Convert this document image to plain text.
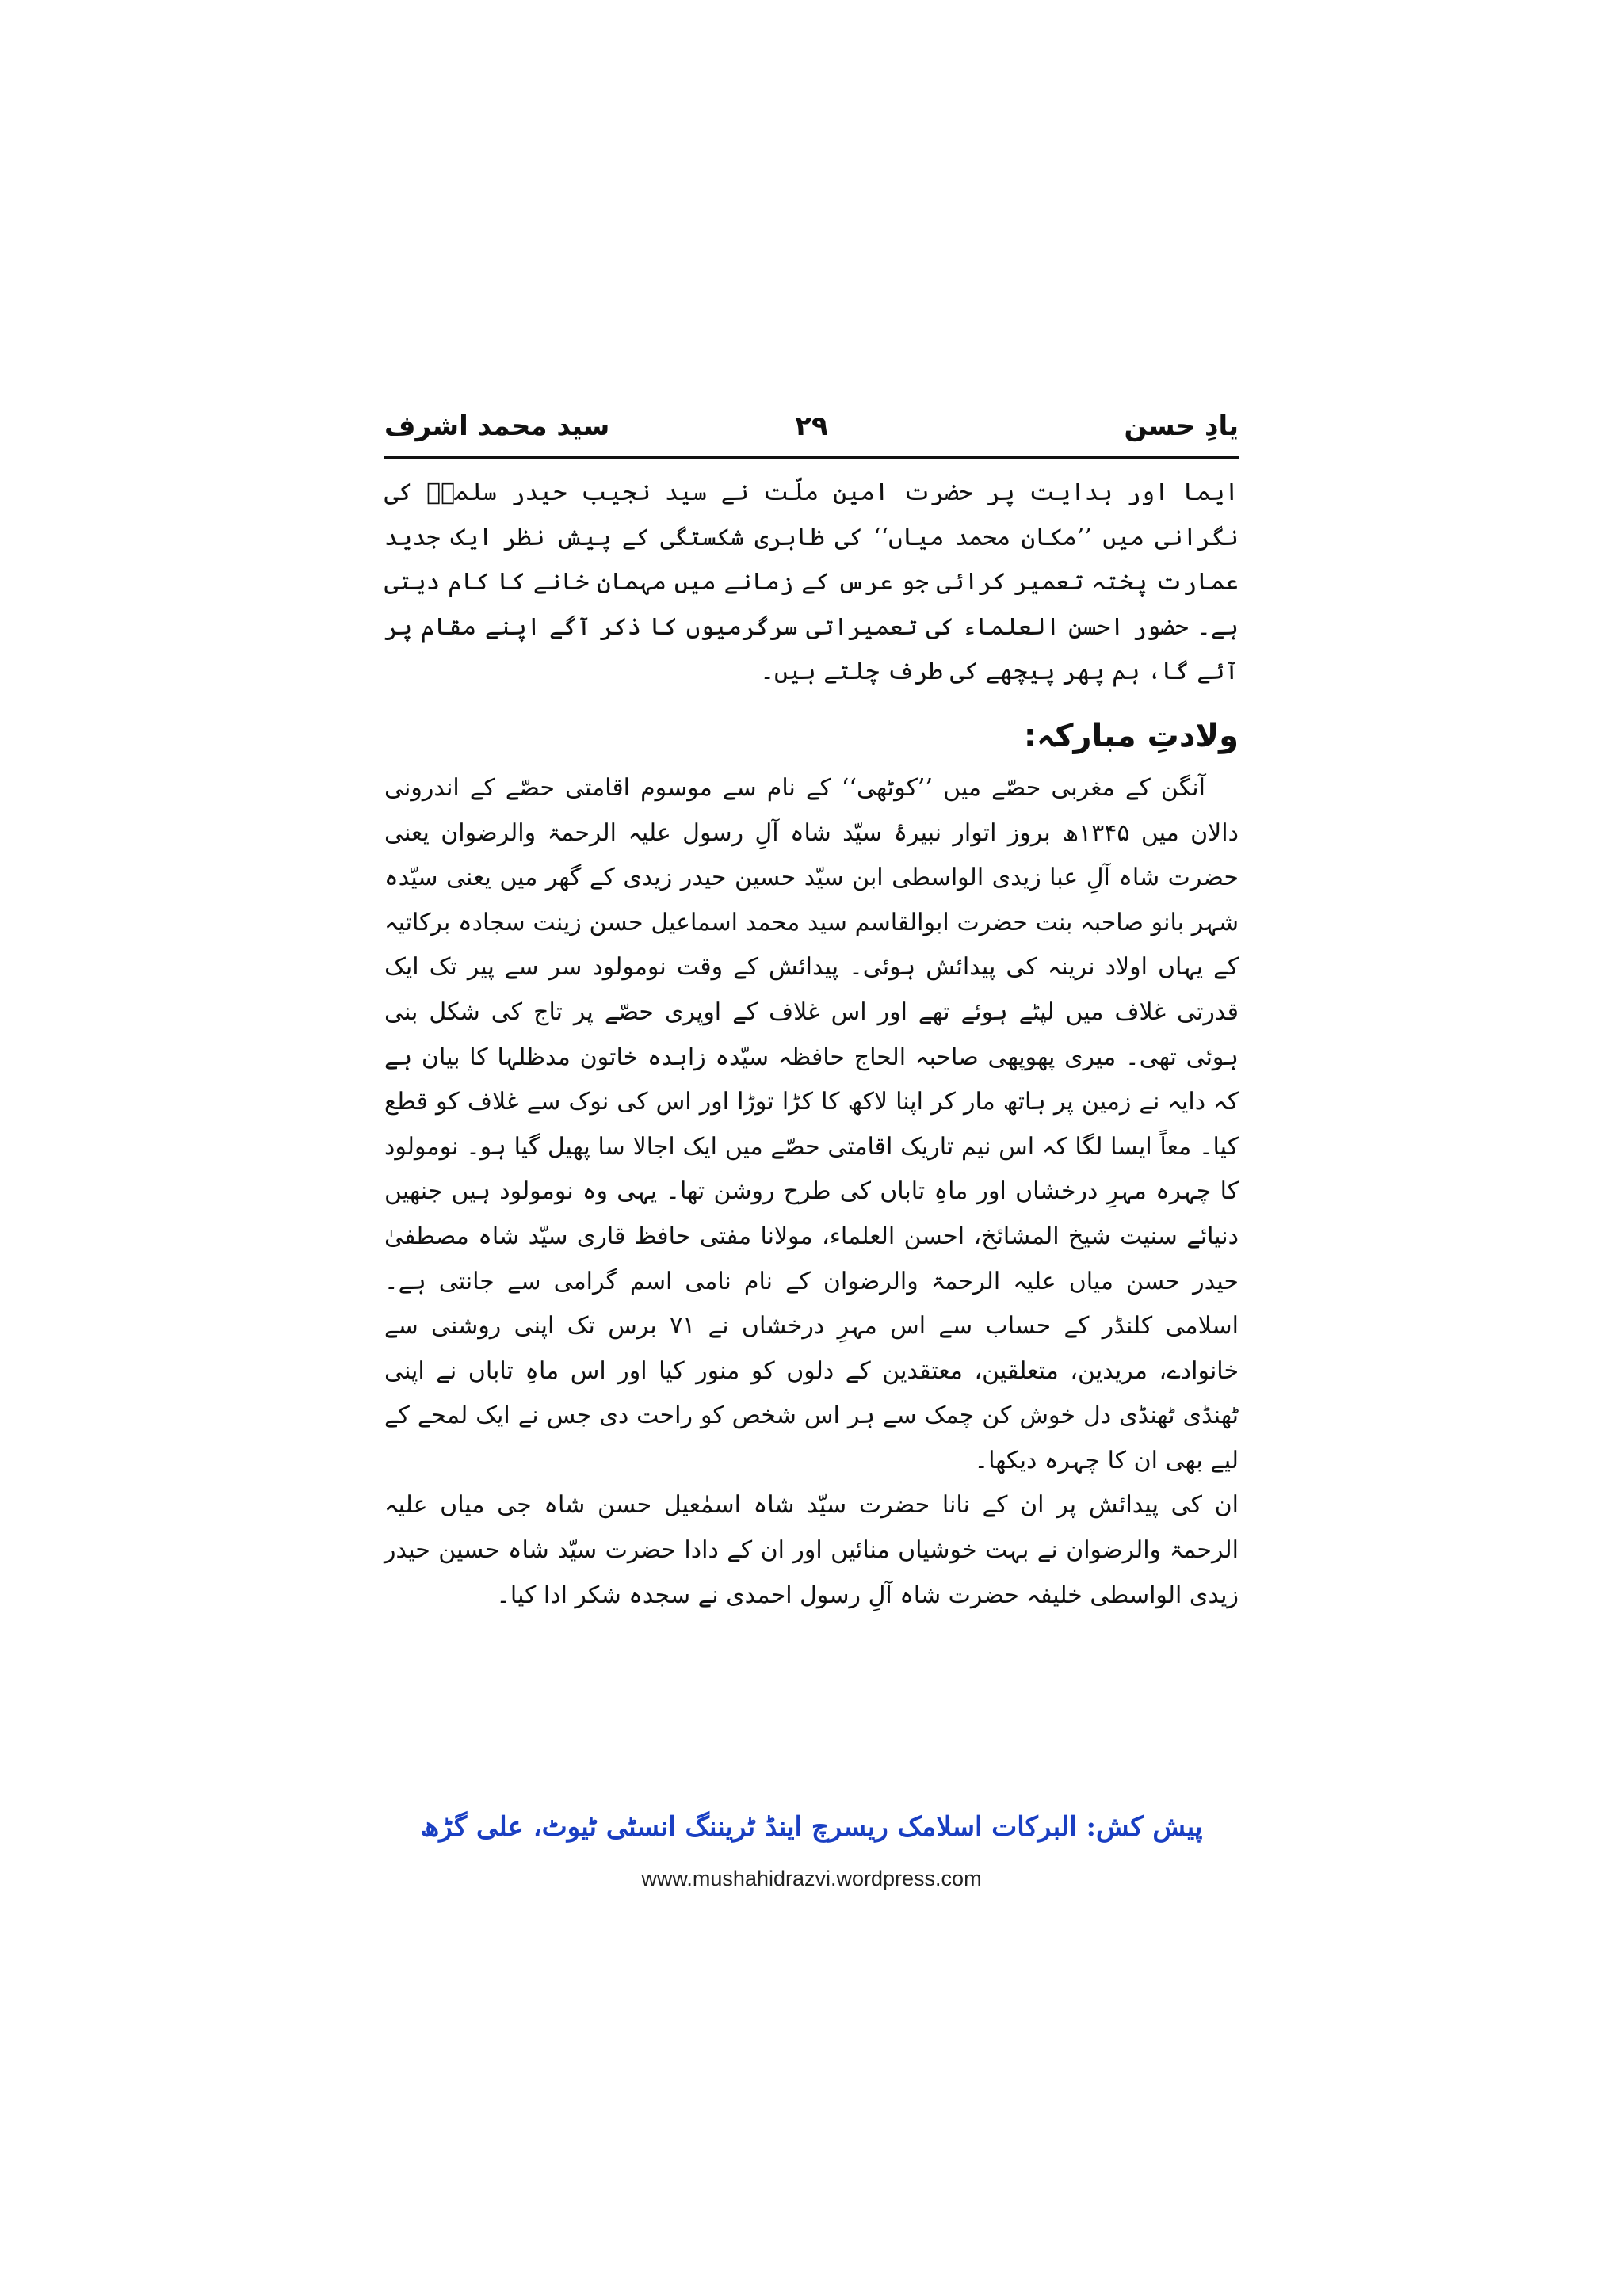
یادِ حسن
۲۹
سید محمد اشرف

ایما اور ہدایت پر حضرت امین ملّت نے سید نجیب حیدر سلمہٗ کی نگرانی میں ’’مکان محمد میاں‘‘ کی ظاہری شکستگی کے پیش نظر ایک جدید عمارت پختہ تعمیر کرائی جو عرس کے زمانے میں مہمان خانے کا کام دیتی ہے۔ حضور احسن العلماء کی تعمیراتی سرگرمیوں کا ذکر آگے اپنے مقام پر آئے گا، ہم پھر پیچھے کی طرف چلتے ہیں۔

ولادتِ مبارکہ:

آنگن کے مغربی حصّے میں ’’کوٹھی‘‘ کے نام سے موسوم اقامتی حصّے کے اندرونی دالان میں ۱۳۴۵ھ بروز اتوار نبیرۂ سیّد شاہ آلِ رسول علیہ الرحمۃ والرضوان یعنی حضرت شاہ آلِ عبا زیدی الواسطی ابن سیّد حسین حیدر زیدی کے گھر میں یعنی سیّدہ شہر بانو صاحبہ بنت حضرت ابوالقاسم سید محمد اسماعیل حسن زینت سجادہ برکاتیہ کے یہاں اولاد نرینہ کی پیدائش ہوئی۔ پیدائش کے وقت نومولود سر سے پیر تک ایک قدرتی غلاف میں لپٹے ہوئے تھے اور اس غلاف کے اوپری حصّے پر تاج کی شکل بنی ہوئی تھی۔ میری پھوپھی صاحبہ الحاج حافظہ سیّدہ زاہدہ خاتون مدظلہا کا بیان ہے کہ دایہ نے زمین پر ہاتھ مار کر اپنا لاکھ کا کڑا توڑا اور اس کی نوک سے غلاف کو قطع کیا۔ معاً ایسا لگا کہ اس نیم تاریک اقامتی حصّے میں ایک اجالا سا پھیل گیا ہو۔ نومولود کا چہرہ مہرِ درخشاں اور ماہِ تاباں کی طرح روشن تھا۔ یہی وہ نومولود ہیں جنھیں دنیائے سنیت شیخ المشائخ، احسن العلماء، مولانا مفتی حافظ قاری سیّد شاہ مصطفیٰ حیدر حسن میاں علیہ الرحمۃ والرضوان کے نام نامی اسم گرامی سے جانتی ہے۔ اسلامی کلنڈر کے حساب سے اس مہرِ درخشاں نے ۷۱ برس تک اپنی روشنی سے خانوادے، مریدین، متعلقین، معتقدین کے دلوں کو منور کیا اور اس ماہِ تاباں نے اپنی ٹھنڈی ٹھنڈی دل خوش کن چمک سے ہر اس شخص کو راحت دی جس نے ایک لمحے کے لیے بھی ان کا چہرہ دیکھا۔

ان کی پیدائش پر ان کے نانا حضرت سیّد شاہ اسمٰعیل حسن شاہ جی میاں علیہ الرحمۃ والرضوان نے بہت خوشیاں منائیں اور ان کے دادا حضرت سیّد شاہ حسین حیدر زیدی الواسطی خلیفہ حضرت شاہ آلِ رسول احمدی نے سجدہ شکر ادا کیا۔

پیش کش: البرکات اسلامک ریسرچ اینڈ ٹریننگ انسٹی ٹیوٹ، علی گڑھ
www.mushahidrazvi.wordpress.com
